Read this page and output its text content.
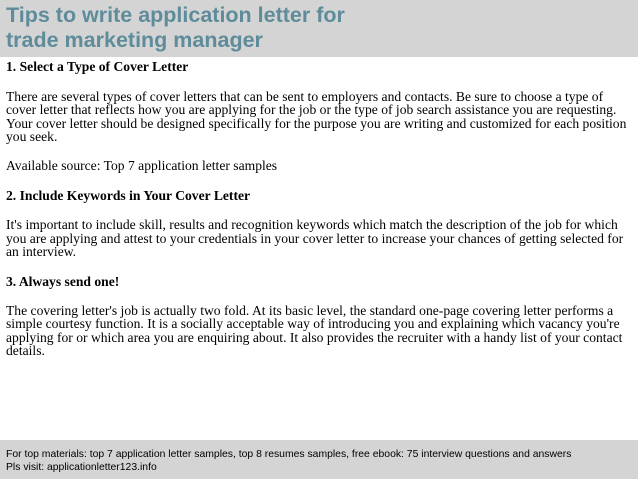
Tips to write application letter for
trade marketing manager

1. Select a Type of Cover Letter

There are several types of cover letters that can be sent to employers and contacts. Be sure to choose a type of cover letter that reflects how you are applying for the job or the type of job search assistance you are requesting. Your cover letter should be designed specifically for the purpose you are writing and customized for each position you seek.

Available source: Top 7 application letter samples

2. Include Keywords in Your Cover Letter

It's important to include skill, results and recognition keywords which match the description of the job for which you are applying and attest to your credentials in your cover letter to increase your chances of getting selected for an interview.

3. Always send one!

The covering letter's job is actually two fold. At its basic level, the standard one-page covering letter performs a simple courtesy function. It is a socially acceptable way of introducing you and explaining which vacancy you're applying for or which area you are enquiring about. It also provides the recruiter with a handy list of your contact details.

For top materials: top 7 application letter samples, top 8 resumes samples, free ebook: 75 interview questions and answers
Pls visit: applicationletter123.info
